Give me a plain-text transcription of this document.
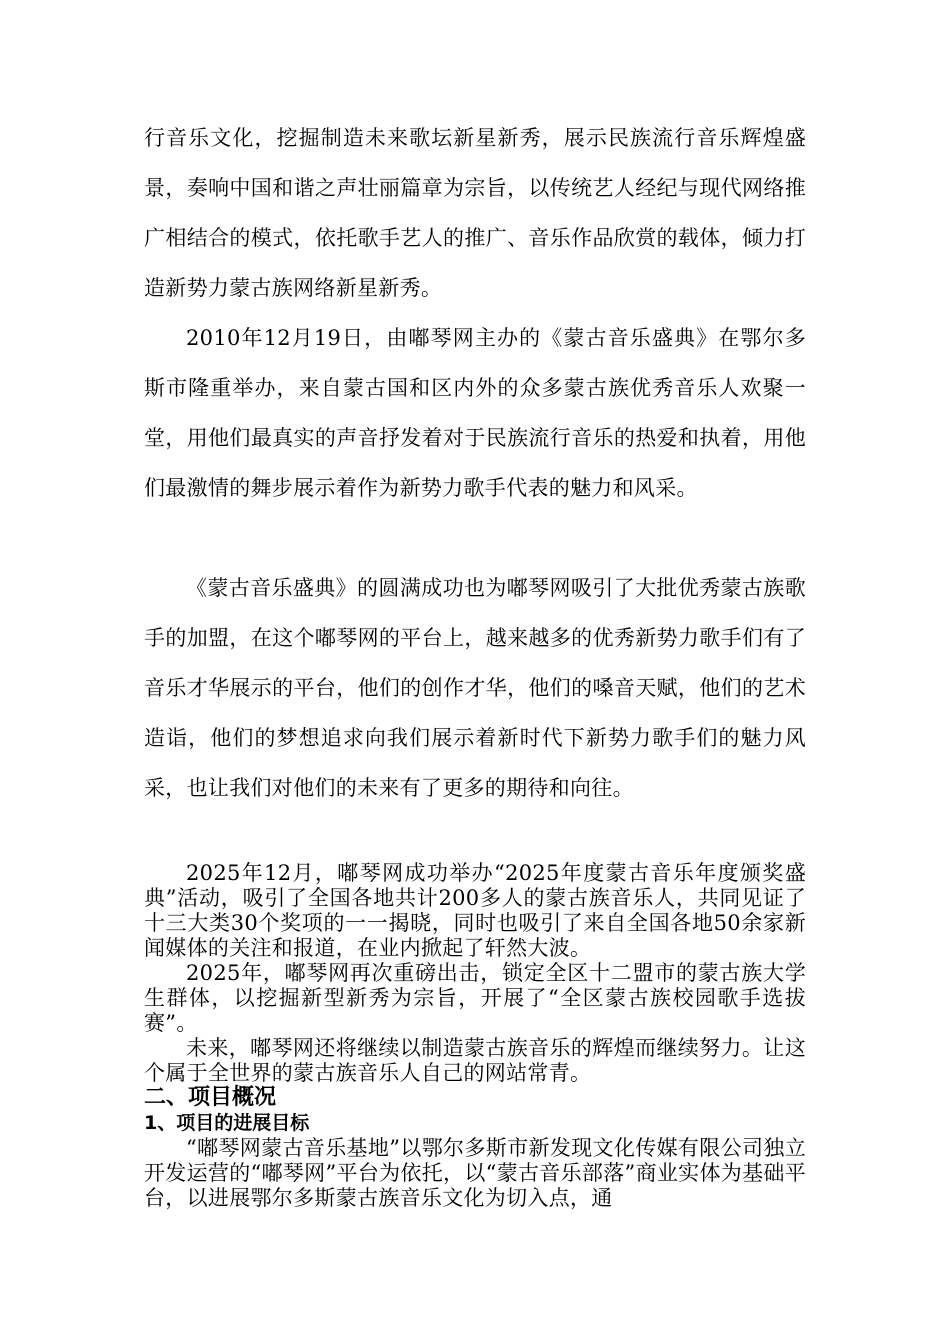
行音乐文化，挖掘制造未来歌坛新星新秀，展示民族流行音乐辉煌盛景，奏响中国和谐之声壮丽篇章为宗旨，以传统艺人经纪与现代网络推广相结合的模式，依托歌手艺人的推广、音乐作品欣赏的载体，倾力打造新势力蒙古族网络新星新秀。

2010年12月19日，由嘟琴网主办的《蒙古音乐盛典》在鄂尔多斯市隆重举办，来自蒙古国和区内外的众多蒙古族优秀音乐人欢聚一堂，用他们最真实的声音抒发着对于民族流行音乐的热爱和执着，用他们最激情的舞步展示着作为新势力歌手代表的魅力和风采。

《蒙古音乐盛典》的圆满成功也为嘟琴网吸引了大批优秀蒙古族歌手的加盟，在这个嘟琴网的平台上，越来越多的优秀新势力歌手们有了音乐才华展示的平台，他们的创作才华，他们的嗓音天赋，他们的艺术造诣，他们的梦想追求向我们展示着新时代下新势力歌手们的魅力风采，也让我们对他们的未来有了更多的期待和向往。

2025年12月，嘟琴网成功举办“2025年度蒙古音乐年度颁奖盛典”活动，吸引了全国各地共计200多人的蒙古族音乐人，共同见证了十三大类30个奖项的一一揭晓，同时也吸引了来自全国各地50余家新闻媒体的关注和报道，在业内掀起了轩然大波。

2025年，嘟琴网再次重磅出击，锁定全区十二盟市的蒙古族大学生群体，以挖掘新型新秀为宗旨，开展了“全区蒙古族校园歌手选拔赛”。

未来，嘟琴网还将继续以制造蒙古族音乐的辉煌而继续努力。让这个属于全世界的蒙古族音乐人自己的网站常青。

二、项目概况
1、项目的进展目标

“嘟琴网蒙古音乐基地”以鄂尔多斯市新发现文化传媒有限公司独立开发运营的“嘟琴网”平台为依托，以“蒙古音乐部落”商业实体为基础平台，以进展鄂尔多斯蒙古族音乐文化为切入点，通
